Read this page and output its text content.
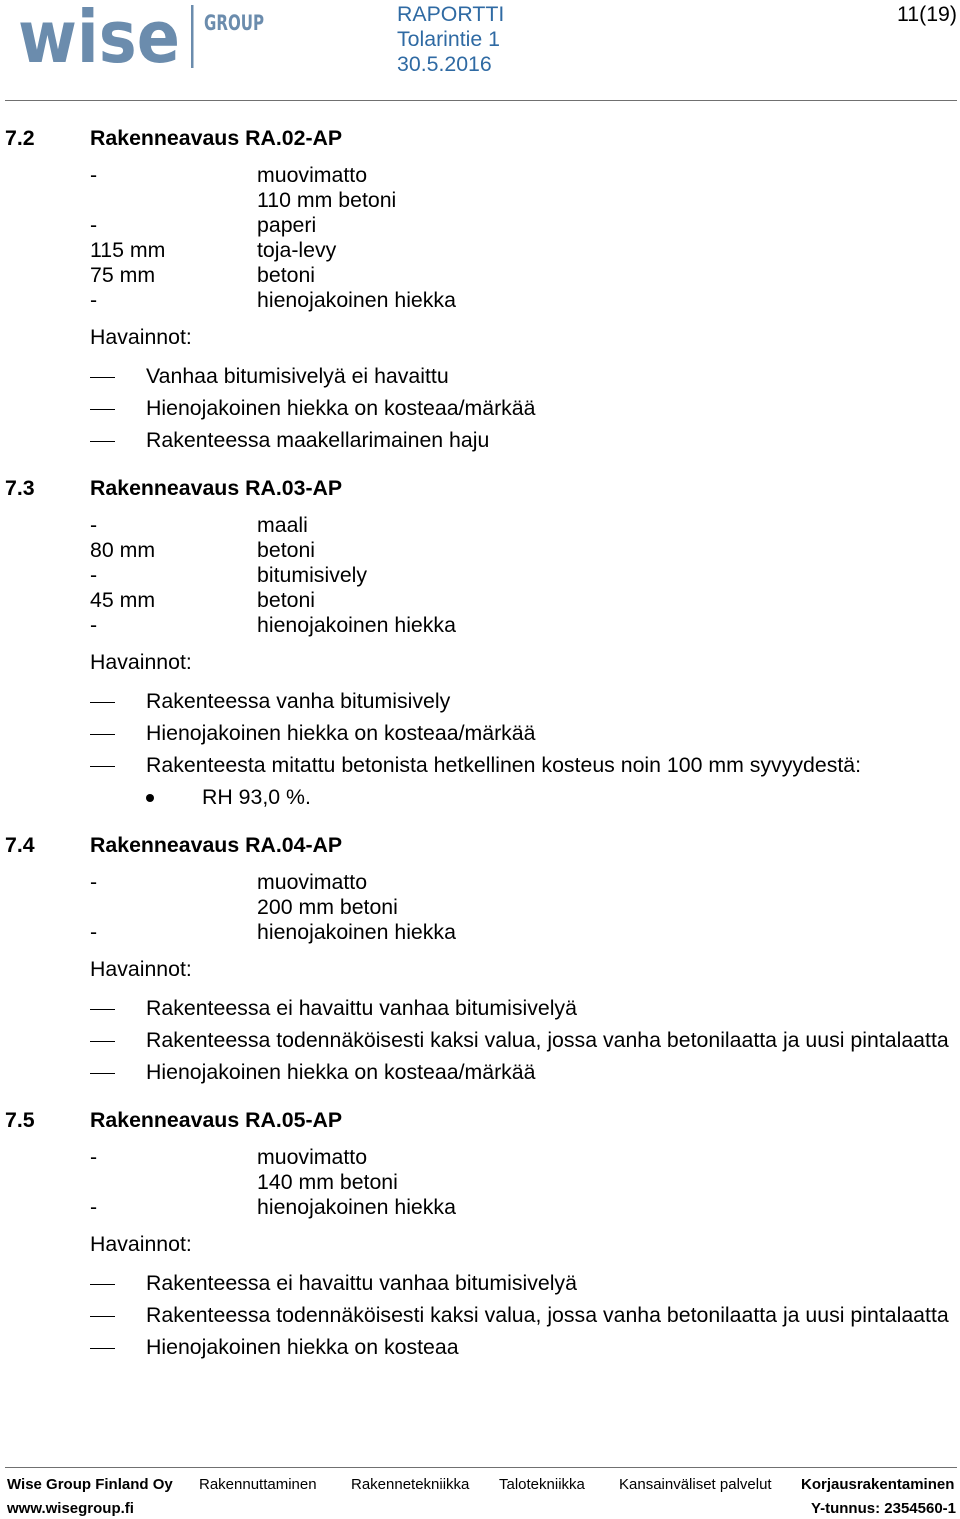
wise GROUP	RAPORTTI
Tolarintie 1
30.5.2016
11(19)
7.2	Rakenneavaus RA.02-AP
-	muovimatto
110 mm betoni
-	paperi
115 mm	toja-levy
75 mm	betoni
-	hienojakoinen hiekka
Havainnot:
Vanhaa bitumisivelyä ei havaittu
Hienojakoinen hiekka on kosteaa/märkää
Rakenteessa maakellarimainen haju
7.3	Rakenneavaus RA.03-AP
-	maali
80 mm	betoni
-	bitumisively
45 mm	betoni
-	hienojakoinen hiekka
Havainnot:
Rakenteessa vanha bitumisively
Hienojakoinen hiekka on kosteaa/märkää
Rakenteesta mitattu betonista hetkellinen kosteus noin 100 mm syvyydestä:
RH 93,0 %.
7.4	Rakenneavaus RA.04-AP
-	muovimatto
200 mm betoni
-	hienojakoinen hiekka
Havainnot:
Rakenteessa ei havaittu vanhaa bitumisivelyä
Rakenteessa todennäköisesti kaksi valua, jossa vanha betonilaatta ja uusi pintalaatta
Hienojakoinen hiekka on kosteaa/märkää
7.5	Rakenneavaus RA.05-AP
-	muovimatto
140 mm betoni
-	hienojakoinen hiekka
Havainnot:
Rakenteessa ei havaittu vanhaa bitumisivelyä
Rakenteessa todennäköisesti kaksi valua, jossa vanha betonilaatta ja uusi pintalaatta
Hienojakoinen hiekka on kosteaa
Wise Group Finland Oy Rakennuttaminen Rakennetekniikka Talotekniikka Kansainväliset palvelut Korjausrakentaminen
www.wisegroup.fi	Y-tunnus: 2354560-1
